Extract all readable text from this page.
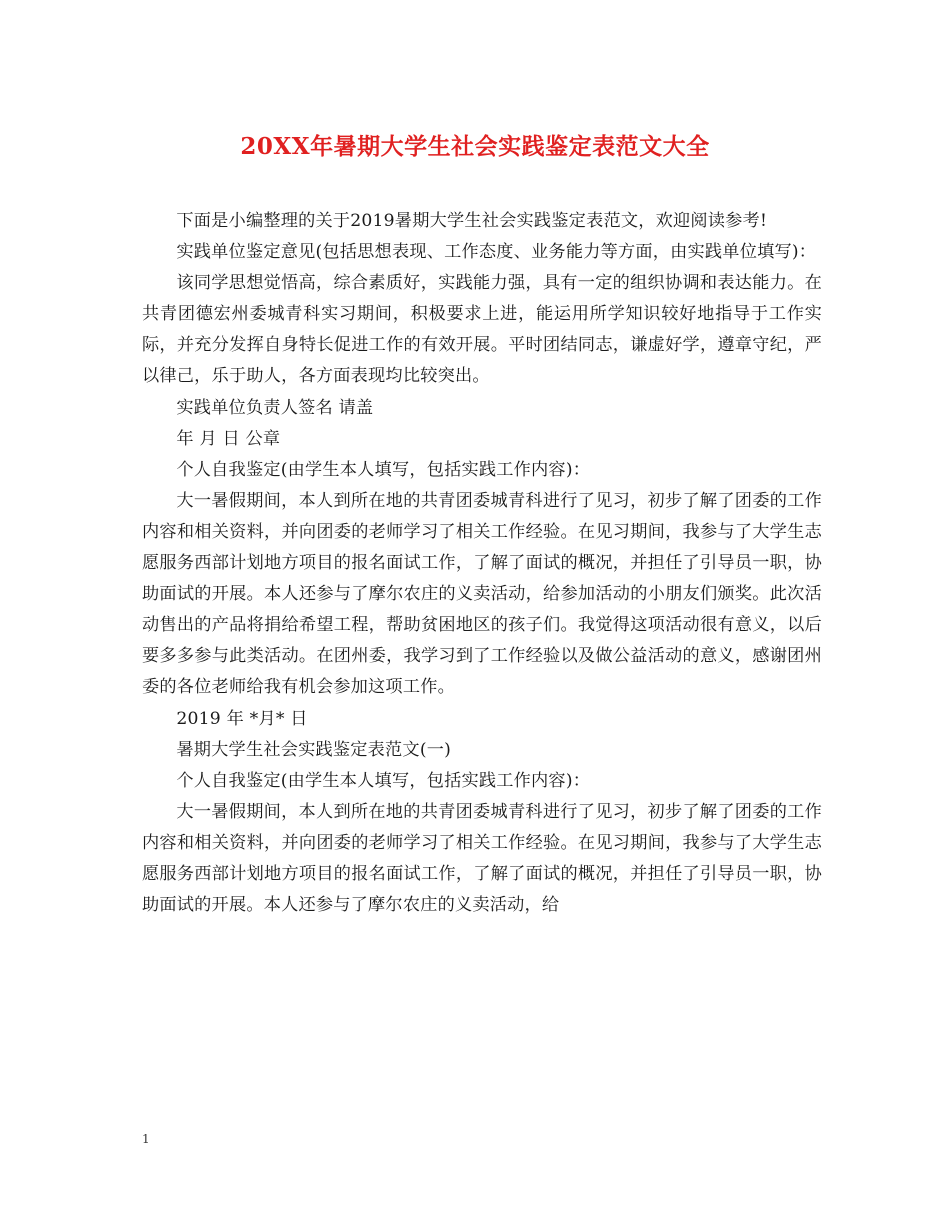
20XX年暑期大学生社会实践鉴定表范文大全

下面是小编整理的关于2019暑期大学生社会实践鉴定表范文，欢迎阅读参考!

实践单位鉴定意见(包括思想表现、工作态度、业务能力等方面，由实践单位填写)：

该同学思想觉悟高，综合素质好，实践能力强，具有一定的组织协调和表达能力。在共青团德宏州委城青科实习期间，积极要求上进，能运用所学知识较好地指导于工作实际，并充分发挥自身特长促进工作的有效开展。平时团结同志，谦虚好学，遵章守纪，严以律己，乐于助人，各方面表现均比较突出。

实践单位负责人签名 请盖

年 月 日 公章

个人自我鉴定(由学生本人填写，包括实践工作内容)：

大一暑假期间，本人到所在地的共青团委城青科进行了见习，初步了解了团委的工作内容和相关资料，并向团委的老师学习了相关工作经验。在见习期间，我参与了大学生志愿服务西部计划地方项目的报名面试工作，了解了面试的概况，并担任了引导员一职，协助面试的开展。本人还参与了摩尔农庄的义卖活动，给参加活动的小朋友们颁奖。此次活动售出的产品将捐给希望工程，帮助贫困地区的孩子们。我觉得这项活动很有意义，以后要多多参与此类活动。在团州委，我学习到了工作经验以及做公益活动的意义，感谢团州委的各位老师给我有机会参加这项工作。

2019 年 *月* 日

暑期大学生社会实践鉴定表范文(一)

个人自我鉴定(由学生本人填写，包括实践工作内容)：

大一暑假期间，本人到所在地的共青团委城青科进行了见习，初步了解了团委的工作内容和相关资料，并向团委的老师学习了相关工作经验。在见习期间，我参与了大学生志愿服务西部计划地方项目的报名面试工作，了解了面试的概况，并担任了引导员一职，协助面试的开展。本人还参与了摩尔农庄的义卖活动，给

1
